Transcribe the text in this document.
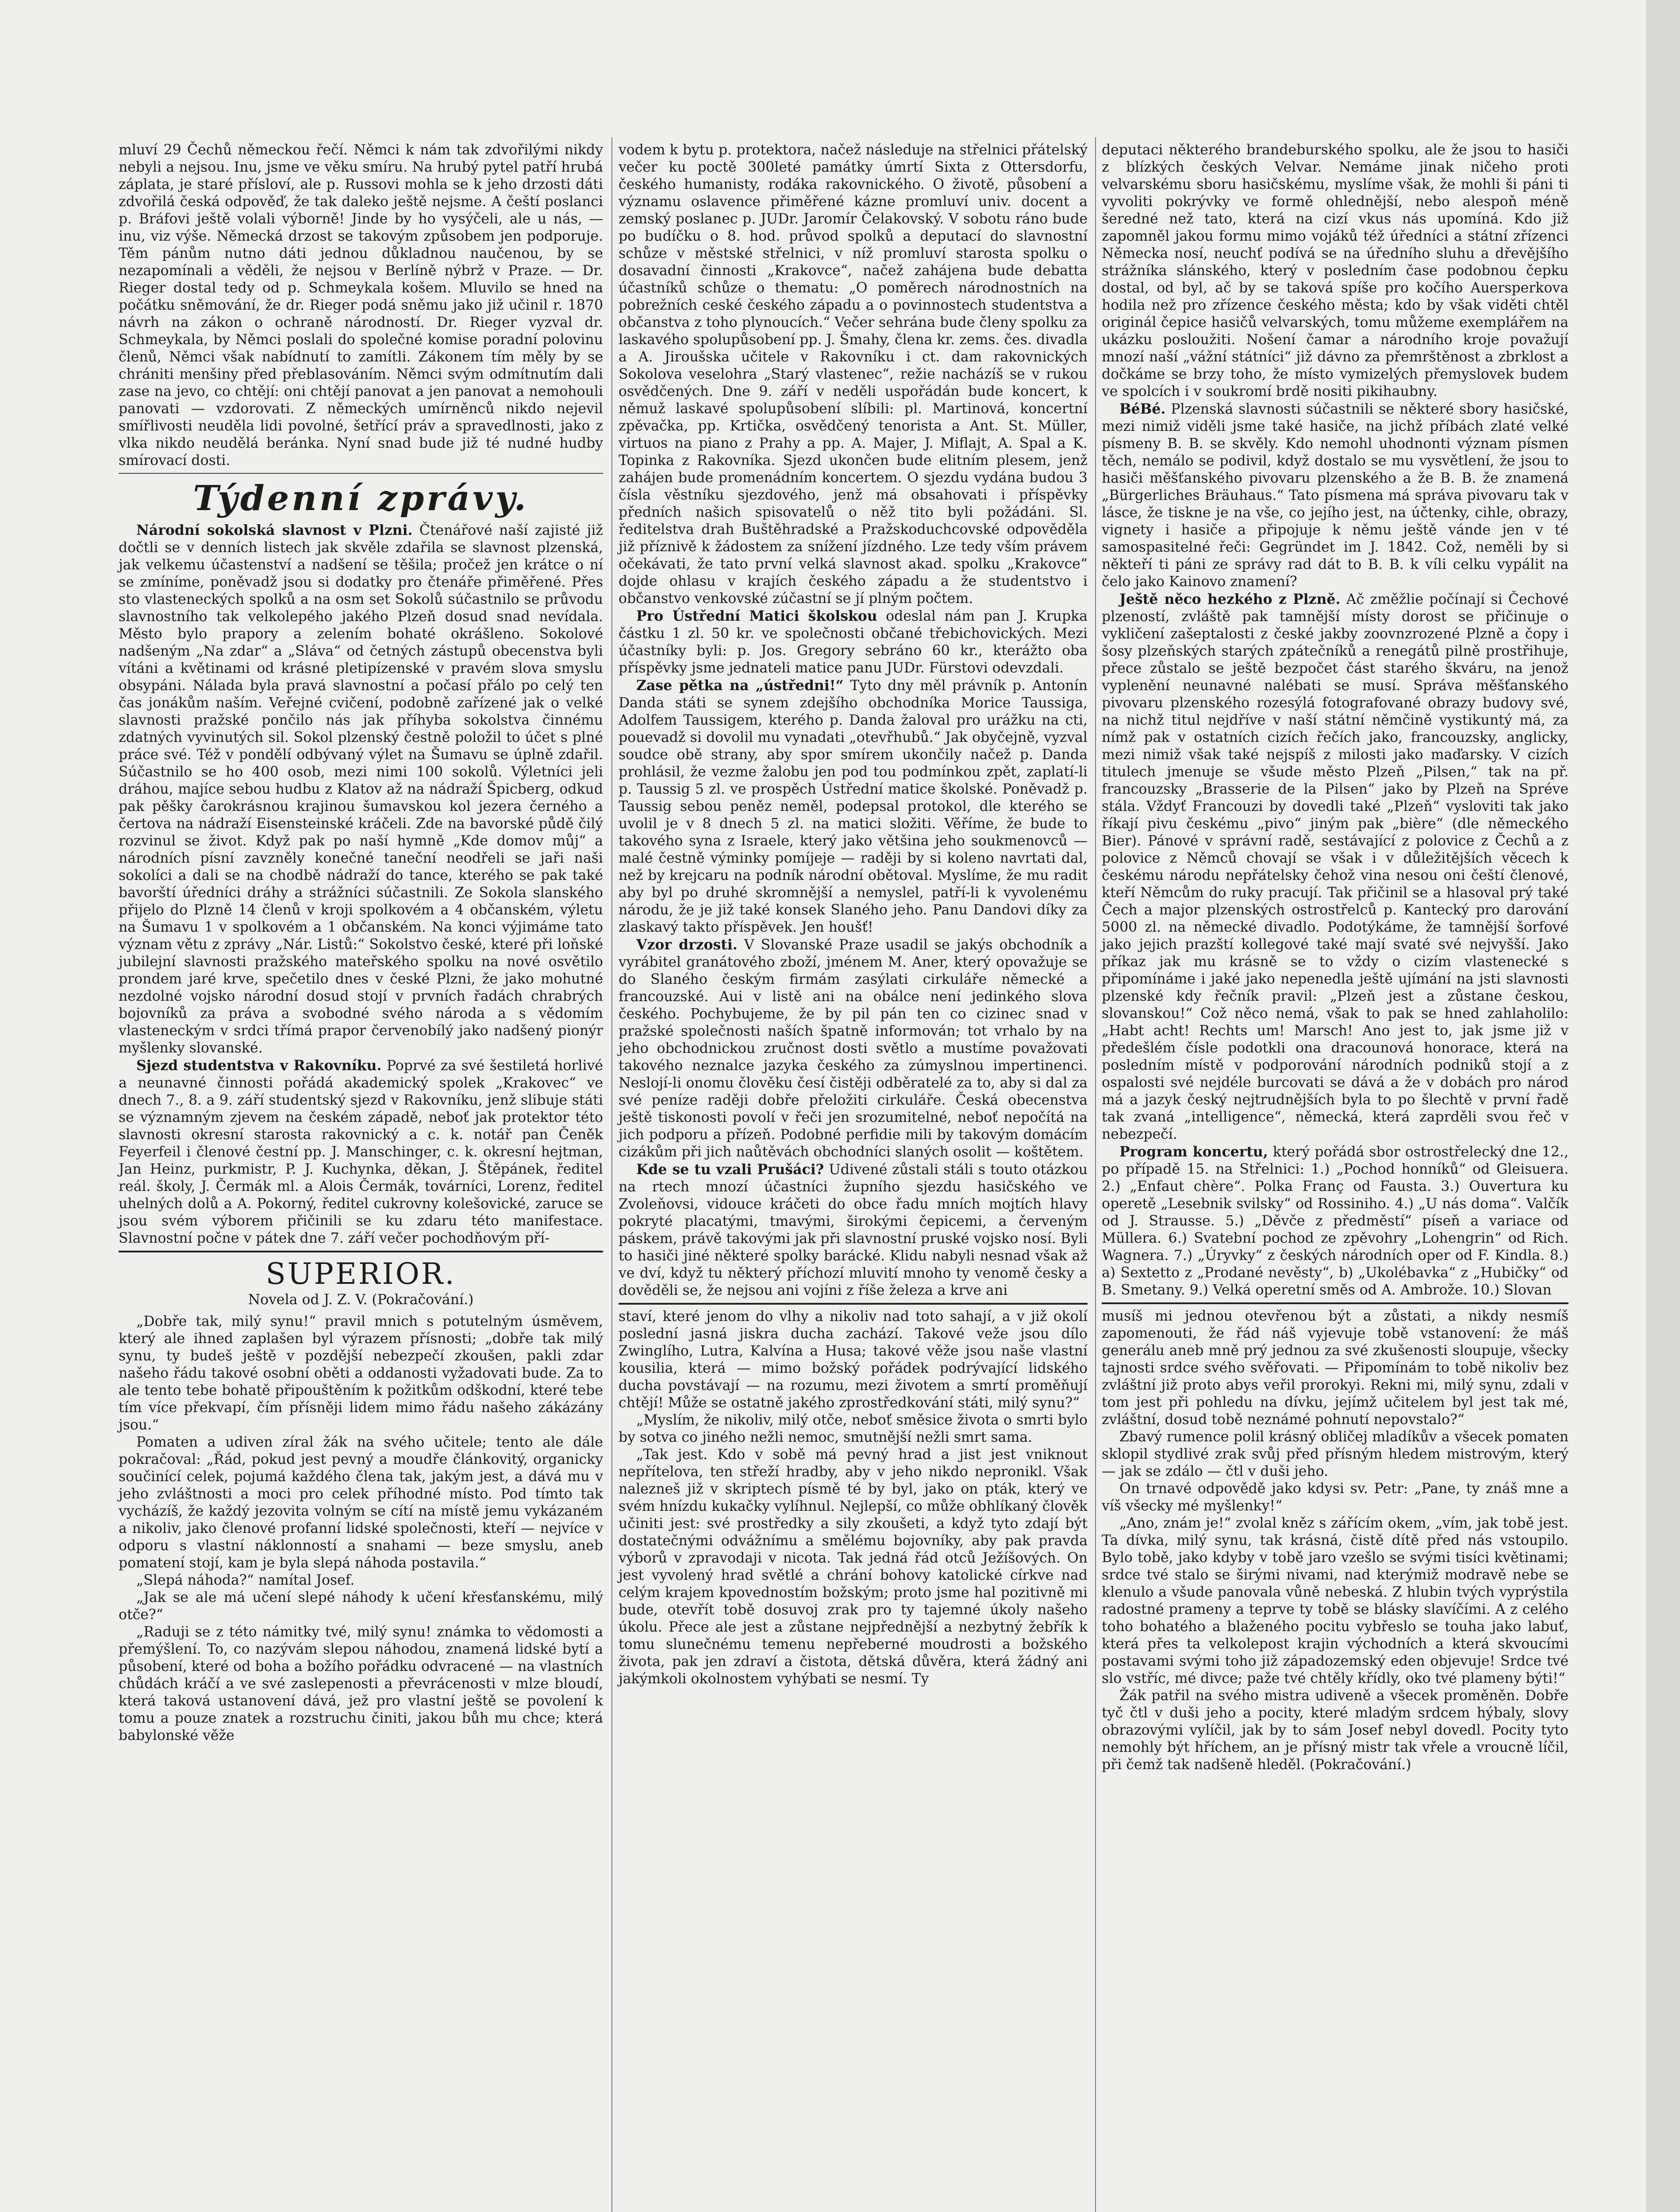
mluví 29 Čechů německou řečí. Němci k nám tak zdvořilými nikdy nebyli a nejsou. Inu, jsme ve věku smíru. Na hrubý pytel patří hrubá záplata, je staré přísloví, ale p. Russovi mohla se k jeho drzosti dáti zdvořilá česká odpověď, že tak daleko ještě nejsme. A čeští poslanci p. Bráfovi ještě volali výborně! Jinde by ho vysýčeli, ale u nás, — inu, viz výše. Německá drzost se takovým způsobem jen podporuje. Těm pánům nutno dáti jednou důkladnou naučenou, by se nezapomínali a věděli, že nejsou v Berlíně nýbrž v Praze. — Dr. Rieger dostal tedy od p. Schmeykala košem. Mluvilo se hned na počátku sněmování, že dr. Rieger podá sněmu jako již učinil r. 1870 návrh na zákon o ochraně národností. Dr. Rieger vyzval dr. Schmeykala, by Němci poslali do společné komise poradní polovinu členů, Němci však nabídnutí to zamítli. Zákonem tím měly by se chrániti menšiny před přeblasováním. Němci svým odmítnutím dali zase na jevo, co chtějí: oni chtějí panovat a jen panovat a nemohouli panovati — vzdorovati. Z německých umírněnců nikdo nejevil smířlivosti neuděla lidi povolné, šetřící práv a spravedlnosti, jako z vlka nikdo neudělá beránka. Nyní snad bude již té nudné hudby smírovací dosti.

Týdenní zprávy.

Národní sokolská slavnost v Plzni. Čtenářové naší zajisté již dočtli se v denních listech jak skvěle zdařila se slavnost plzenská, jak velkemu účastenství a nadšení se těšila; pročež jen krátce o ní se zmíníme, poněvadž jsou si dodatky pro čtenáře přiměřené. Přes sto vlasteneckých spolků a na osm set Sokolů súčastnilo se průvodu slavnostního tak velkolepého jakého Plzeň dosud snad nevídala. Město bylo prapory a zelením bohaté okrášleno. Sokolové nadšeným „Na zdar“ a „Sláva“ od četných zástupů obecenstva byli vítáni a květinami od krásné pletipízenské v pravém slova smyslu obsypáni. Nálada byla pravá slavnostní a počasí přálo po celý ten čas jonákům naším. Veřejné cvičení, podobně zařízené jak o velké slavnosti pražské pončilo nás jak příhyba sokolstva činnému zdatných vyvinutých sil. Sokol plzenský čestně položil to účet s plné práce své. Též v pondělí odbývaný výlet na Šumavu se úplně zdařil. Súčastnilo se ho 400 osob, mezi nimi 100 sokolů. Výletníci jeli dráhou, majíce sebou hudbu z Klatov až na nádraží Špicberg, odkud pak pěšky čarokrásnou krajinou šumavskou kol jezera černého a čertova na nádraží Eisensteinské kráčeli. Zde na bavorské půdě čilý rozvinul se život. Když pak po naší hymně „Kde domov můj“ a národních písní zavzněly konečné taneční neodřeli se jaři naši sokolíci a dali se na chodbě nádraží do tance, kterého se pak také bavorští úředníci dráhy a strážníci súčastnili. Ze Sokola slanského přijelo do Plzně 14 členů v kroji spolkovém a 4 občanském, výletu na Šumavu 1 v spolkovém a 1 občanském. Na konci výjimáme tato význam větu z zprávy „Nár. Listů:“ Sokolstvo české, které při loňské jubilejní slavnosti pražského mateřského spolku na nové osvětilo prondem jaré krve, spečetilo dnes v české Plzni, že jako mohutné nezdolné vojsko národní dosud stojí v prvních řadách chrabrých bojovníků za práva a svobodné svého národa a s vědomím vlasteneckým v srdci třímá prapor červenobílý jako nadšený pionýr myšlenky slovanské.

Sjezd studentstva v Rakovníku. Poprvé za své šestiletá horlivé a neunavné činnosti pořádá akademický spolek „Krakovec“ ve dnech 7., 8. a 9. září studentský sjezd v Rakovníku, jenž slibuje státi se významným zjevem na českém západě, neboť jak protektor této slavnosti okresní starosta rakovnický a c. k. notář pan Čeněk Feyerfeil i členové čestní pp. J. Manschinger, c. k. okresní hejtman, Jan Heinz, purkmistr, P. J. Kuchynka, děkan, J. Štěpánek, ředitel reál. školy, J. Čermák ml. a Alois Čermák, továrníci, Lorenz, ředitel uhelných dolů a A. Pokorný, ředitel cukrovny kolešovické, zaruce se jsou svém výborem přičinili se ku zdaru této manifestace. Slavnostní počne v pátek dne 7. září večer pochodňovým pří-

SUPERIOR.
Novela od J. Z. V. (Pokračování.)

„Dobře tak, milý synu!“ pravil mnich s potutelným úsměvem, který ale ihned zaplašen byl výrazem přísnosti; „dobře tak milý synu, ty budeš ještě v pozdější nebezpečí zkoušen, pakli zdar našeho řádu takové osobní oběti a oddanosti vyžadovati bude. Za to ale tento tebe bohatě připouštěním k požitkům odškodní, které tebe tím více překvapí, čím přísněji lidem mimo řádu našeho zákázány jsou.“

Pomaten a udiven zíral žák na svého učitele; tento ale dále pokračoval: „Řád, pokud jest pevný a moudře článkovitý, organicky součinící celek, pojumá každého člena tak, jakým jest, a dává mu v jeho zvláštnosti a moci pro celek příhodné místo. Pod tímto tak vycházíš, že každý jezovita volným se cítí na místě jemu vykázaném a nikoliv, jako členové profanní lidské společnosti, kteří — nejvíce v odporu s vlastní náklonností a snahami — beze smyslu, aneb pomatení stojí, kam je byla slepá náhoda postavila.“

„Slepá náhoda?“ namítal Josef.

„Jak se ale má učení slepé náhody k učení křesťanskému, milý otče?“

„Raduji se z této námitky tvé, milý synu! známka to vědomosti a přemýšlení. To, co nazývám slepou náhodou, znamená lidské bytí a působení, které od boha a božího pořádku odvracené — na vlastních chůdách kráčí a ve své zaslepenosti a převrácenosti v mlze bloudí, která taková ustanovení dává, jež pro vlastní ještě se povolení k tomu a pouze znatek a rozstruchu činiti, jakou bůh mu chce; která babylonské věže

vodem k bytu p. protektora, načež následuje na střelnici přátelský večer ku poctě 300leté památky úmrtí Sixta z Ottersdorfu, českého humanisty, rodáka rakovnického. O životě, působení a významu oslavence přiměřené kázne promluví univ. docent a zemský poslanec p. JUDr. Jaromír Čelakovský. V sobotu ráno bude po budíčku o 8. hod. průvod spolků a deputací do slavnostní schůze v městské střelnici, v níž promluví starosta spolku o dosavadní činnosti „Krakovce“, načež zahájena bude debatta účastníků schůze o thematu: „O poměrech národnostních na pobrežních ceské českého západu a o povinnostech studentstva a občanstva z toho plynoucích.“ Večer sehrána bude členy spolku za laskavého spolupůsobení pp. J. Šmahy, člena kr. zems. čes. divadla a A. Jiroušska učitele v Rakovníku i ct. dam rakovnických Sokolova veselohra „Starý vlastenec“, režie nacházíš se v rukou osvědčených. Dne 9. září v neděli uspořádán bude koncert, k němuž laskavé spolupůsobení slíbili: pl. Martinová, koncertní zpěvačka, pp. Krtička, osvědčený tenorista a Ant. St. Müller, virtuos na piano z Prahy a pp. A. Majer, J. Miflajt, A. Spal a K. Topinka z Rakovníka. Sjezd ukončen bude elitním plesem, jenž zahájen bude promenádním koncertem. O sjezdu vydána budou 3 čísla věstníku sjezdového, jenž má obsahovati i příspěvky předních našich spisovatelů o něž tito byli požádáni. Sl. ředitelstva drah Buštěhradské a Pražskoduchcovské odpověděla již příznivě k žádostem za snížení jízdného. Lze tedy vším právem očekávati, že tato první velká slavnost akad. spolku „Krakovce“ dojde ohlasu v krajích českého západu a že studentstvo i občanstvo venkovské zúčastní se jí plným počtem.

Pro Ústřední Matici školskou odeslal nám pan J. Krupka částku 1 zl. 50 kr. ve společnosti občané třebichovických. Mezi účastníky byli: p. Jos. Gregory sebráno 60 kr., kterážto oba příspěvky jsme jednateli matice panu JUDr. Fürstovi odevzdali.

Zase pětka na „ústředni!“ Tyto dny měl právník p. Antonín Danda státi se synem zdejšího obchodníka Morice Taussiga, Adolfem Taussigem, kterého p. Danda žaloval pro urážku na cti, pouevadž si dovolil mu vynadati „otevřhubů.“ Jak obyčejně, vyzval soudce obě strany, aby spor smírem ukončily načež p. Danda prohlásil, že vezme žalobu jen pod tou podmínkou zpět, zaplatí-li p. Taussig 5 zl. ve prospěch Ústřední matice školské. Poněvadž p. Taussig sebou peněz neměl, podepsal protokol, dle kterého se uvolil je v 8 dnech 5 zl. na matici složiti. Věříme, že bude to takového syna z Israele, který jako většina jeho soukmenovců — malé čestně výminky pomíjeje — raději by si koleno navrtati dal, než by krejcaru na podník národní obětoval. Myslíme, že mu radit aby byl po druhé skromnější a nemyslel, patří-li k vyvolenému národu, že je již také konsek Slaného jeho. Panu Dandovi díky za zlaskavý takto příspěvek. Jen houšť!

Vzor drzosti. V Slovanské Praze usadil se jakýs obchodník a vyrábitel granátového zboží, jménem M. Aner, který opovažuje se do Slaného českým firmám zasýlati cirkuláře německé a francouzské. Aui v listě ani na obálce není jedinkého slova českého. Pochybujeme, že by pil pán ten co cizinec snad v pražské společnosti naších špatně informován; tot vrhalo by na jeho obchodnickou zručnost dosti světlo a mustíme považovati takového neznalce jazyka českého za zúmyslnou impertinenci. Neslojí-li onomu člověku česí čistěji odběratelé za to, aby si dal za své peníze raději dobře přeložiti cirkuláře. Česká obecenstva ještě tiskonosti povolí v řeči jen srozumitelné, neboť nepočítá na jich podporu a přízeň. Podobné perfidie mili by takovým domácím cizákům při jich naůtěvách obchodníci slaných osolit — koštětem.

Kde se tu vzali Prušáci? Udivené zůstali stáli s touto otázkou na rtech mnozí účastníci župního sjezdu hasičského ve Zvoleňovsi, vidouce kráčeti do obce řadu mních mojtích hlavy pokryté placatými, tmavými, širokými čepicemi, a červeným páskem, právě takovými jak při slavnostní pruské vojsko nosí. Byli to hasiči jiné některé spolky barácké. Klidu nabyli nesnad však až ve dví, když tu některý příchozí mluvití mnoho ty venomě česky a dověděli se, že nejsou ani vojíni z říše železa a krve ani

staví, které jenom do vlhy a nikoliv nad toto sahají, a v již okolí poslední jasná jiskra ducha zachází. Takové veže jsou dílo Zwinglího, Lutra, Kalvína a Husa; takové věže jsou naše vlastní kousilia, která — mimo božský pořádek podrývající lidského ducha povstávají — na rozumu, mezi životem a smrtí proměňují chtějí! Může se ostatně jakého zprostředkování státi, milý synu?“

„Myslím, že nikoliv, milý otče, neboť směsice života o smrti bylo by sotva co jiného nežli nemoc, smutnější nežli smrt sama.

„Tak jest. Kdo v sobě má pevný hrad a jist jest vniknout nepřítelova, ten střeží hradby, aby v jeho nikdo nepronikl. Však nalezneš již v skriptech písmě té by byl, jako on pták, který ve svém hnízdu kukačky vylíhnul. Nejlepší, co může obhlíkaný člověk učiniti jest: své prostředky a sily zkoušeti, a když tyto zdají být dostatečnými odvážnímu a smělému bojovníky, aby pak pravda výborů v zpravodaji v nicota. Tak jedná řád otců Ježíšových. On jest vyvolený hrad světlé a chrání bohovy katolické církve nad celým krajem kpovednostím božským; proto jsme hal pozitivně mi bude, otevřít tobě dosuvoj zrak pro ty tajemné úkoly našeho úkolu. Přece ale jest a zůstane nejpřednější a nezbytný žebřík k tomu slunečnému temenu nepřeberné moudrosti a božského života, pak jen zdraví a čistota, dětská důvěra, která žádný ani jakýmkoli okolnostem vyhýbati se nesmí. Ty

deputaci některého brandeburského spolku, ale že jsou to hasiči z blízkých českých Velvar. Nemáme jinak ničeho proti velvarskému sboru hasičskému, myslíme však, že mohli ši páni ti vyvoliti pokrývky ve formě ohlednější, nebo alespoň méně šeredné než tato, která na cizí vkus nás upomíná. Kdo již zapomněl jakou formu mimo vojáků též úředníci a státní zřízenci Německa nosí, neuchť podívá se na úředního sluhu a dřevějšího strážníka slánského, který v posledním čase podobnou čepku dostal, od byl, ač by se taková spíše pro kočího Auersperkova hodila než pro zřízence českého města; kdo by však viděti chtěl originál čepice hasičů velvarských, tomu můžeme exemplářem na ukázku posloužiti. Nošení čamar a národního kroje považují mnozí naší „vážní státníci“ již dávno za přemrštěnost a zbrklost a dočkáme se brzy toho, že místo vymizelých přemyslovek budem ve spolcích i v soukromí brdě nositi pikihaubny.

BéBé. Plzenská slavnosti súčastnili se některé sbory hasičské, mezi nimiž viděli jsme také hasiče, na jichž příbách zlaté velké písmeny B. B. se skvěly. Kdo nemohl uhodnonti význam písmen těch, nemálo se podivil, když dostalo se mu vysvětlení, že jsou to hasiči měšťanského pivovaru plzenského a že B. B. že znamená „Bürgerliches Bräuhaus.“ Tato písmena má správa pivovaru tak v lásce, že tiskne je na vše, co jejího jest, na účtenky, cihle, obrazy, vignety i hasiče a připojuje k němu ještě vánde jen v té samospasitelné řeči: Gegründet im J. 1842. Což, neměli by si někteří ti páni ze správy rad dát to B. B. k víli celku vypálit na čelo jako Kainovo znamení?

Ještě něco hezkého z Plzně. Ač změžlie počínají si Čechové plzeností, zvláště pak tamnější místy dorost se přičinuje o vykličení zašeptalosti z české jakby zoovnzrozené Plzně a čopy i šosy plzeňských starých zpátečníků a renegátů pilně prostřihuje, přece zůstalo se ještě bezpočet část starého škváru, na jenož vyplenění neunavné nalébati se musí. Správa měšťanského pivovaru plzenského rozesýlá fotografované obrazy budovy své, na nichž titul nejdříve v naší státní němčině vystikuntý má, za nímž pak v ostatních cizích řečích jako, francouzsky, anglicky, mezi nimiž však také nejspíš z milosti jako maďarsky. V cizích titulech jmenuje se všude město Plzeň „Pilsen,“ tak na př. francouzsky „Brasserie de la Pilsen“ jako by Plzeň na Spréve stála. Vždyť Francouzi by dovedli také „Plzeň“ vysloviti tak jako říkají pivu českému „pivo“ jiným pak „bière“ (dle německého Bier). Pánové v správní radě, sestávající z polovice z Čechů a z polovice z Němců chovají se však i v důležitějších věcech k českému národu nepřátelsky čehož vina nesou oni čeští členové, kteří Němcům do ruky pracují. Tak přičinil se a hlasoval prý také Čech a major plzenských ostrostřelců p. Kantecký pro darování 5000 zl. na německé divadlo. Podotýkáme, že tamnější šorfové jako jejich prazští kollegové také mají svaté své nejvyšší. Jako příkaz jak mu krásně se to vždy o cizím vlastenecké s připomínáme i jaké jako nepenedla ještě ujímání na jsti slavnosti plzenské kdy řečník pravil: „Plzeň jest a zůstane českou, slovanskou!“ Což něco nemá, však to pak se hned zahlaholilo: „Habt acht! Rechts um! Marsch! Ano jest to, jak jsme již v předešlém čísle podotkli ona dracounová honorace, která na posledním místě v podporování národních podniků stojí a z ospalosti své nejdéle burcovati se dává a že v dobách pro národ má a jazyk český nejtrudnějších byla to po šlechtě v první řadě tak zvaná „intelligence“, německá, která zaprděli svou řeč v nebezpečí.

Program koncertu, který pořádá sbor ostrostřelecký dne 12., po případě 15. na Střelnici: 1.) „Pochod honníků“ od Gleisuera. 2.) „Enfaut chère“. Polka Franç od Fausta. 3.) Ouvertura ku operetě „Lesebnik svilsky“ od Rossiniho. 4.) „U nás doma“. Valčík od J. Strausse. 5.) „Děvče z předměstí“ píseň a variace od Müllera. 6.) Svatební pochod ze zpěvohry „Lohengrin“ od Rich. Wagnera. 7.) „Úryvky“ z českých národních oper od F. Kindla. 8.) a) Sextetto z „Prodané nevěsty“, b) „Ukolébavka“ z „Hubičky“ od B. Smetany. 9.) Velká operetní směs od A. Ambrože. 10.) Slovan

musíš mi jednou otevřenou být a zůstati, a nikdy nesmíš zapomenouti, že řád náš vyjevuje tobě vstanovení: že máš generálu aneb mně prý jednou za své zkušenosti sloupuje, všecky tajnosti srdce svého svěřovati. — Připomínám to tobě nikoliv bez zvláštní již proto abys veřil prorokyi. Rekni mi, milý synu, zdali v tom jest při pohledu na dívku, jejímž učitelem byl jest tak mé, zvláštní, dosud tobě neznámé pohnutí nepovstalo?“

Zbavý rumence polil krásný obličej mladíkův a všecek pomaten sklopil stydlivé zrak svůj před přísným hledem mistrovým, který — jak se zdálo — čtl v duši jeho.

On trnavé odpovědě jako kdysi sv. Petr: „Pane, ty znáš mne a víš všecky mé myšlenky!“

„Ano, znám je!“ zvolal kněz s zářícím okem, „vím, jak tobě jest. Ta dívka, milý synu, tak krásná, čistě dítě před nás vstoupilo. Bylo tobě, jako kdyby v tobě jaro vzešlo se svými tisíci květinami; srdce tvé stalo se širými nivami, nad kterýmiž modravě nebe se klenulo a všude panovala vůně nebeská. Z hlubin tvých vyprýstila radostné prameny a teprve ty tobě se blásky slavíčími. A z celého toho bohatého a blaženého pocitu vybřeslo se touha jako labuť, která přes ta velkolepost krajin východních a která skvoucími postavami svými toho již západozemský eden objevuje! Srdce tvé slo vstříc, mé divce; paže tvé chtěly křídly, oko tvé plameny býti!“

Žák patřil na svého mistra udiveně a všecek proměněn. Dobře tyč čtl v duši jeho a pocity, které mladým srdcem hýbaly, slovy obrazovými vylíčil, jak by to sám Josef nebyl dovedl. Pocity tyto nemohly být hříchem, an je přísný mistr tak vřele a vroucně líčil, při čemž tak nadšeně hleděl. (Pokračování.)
